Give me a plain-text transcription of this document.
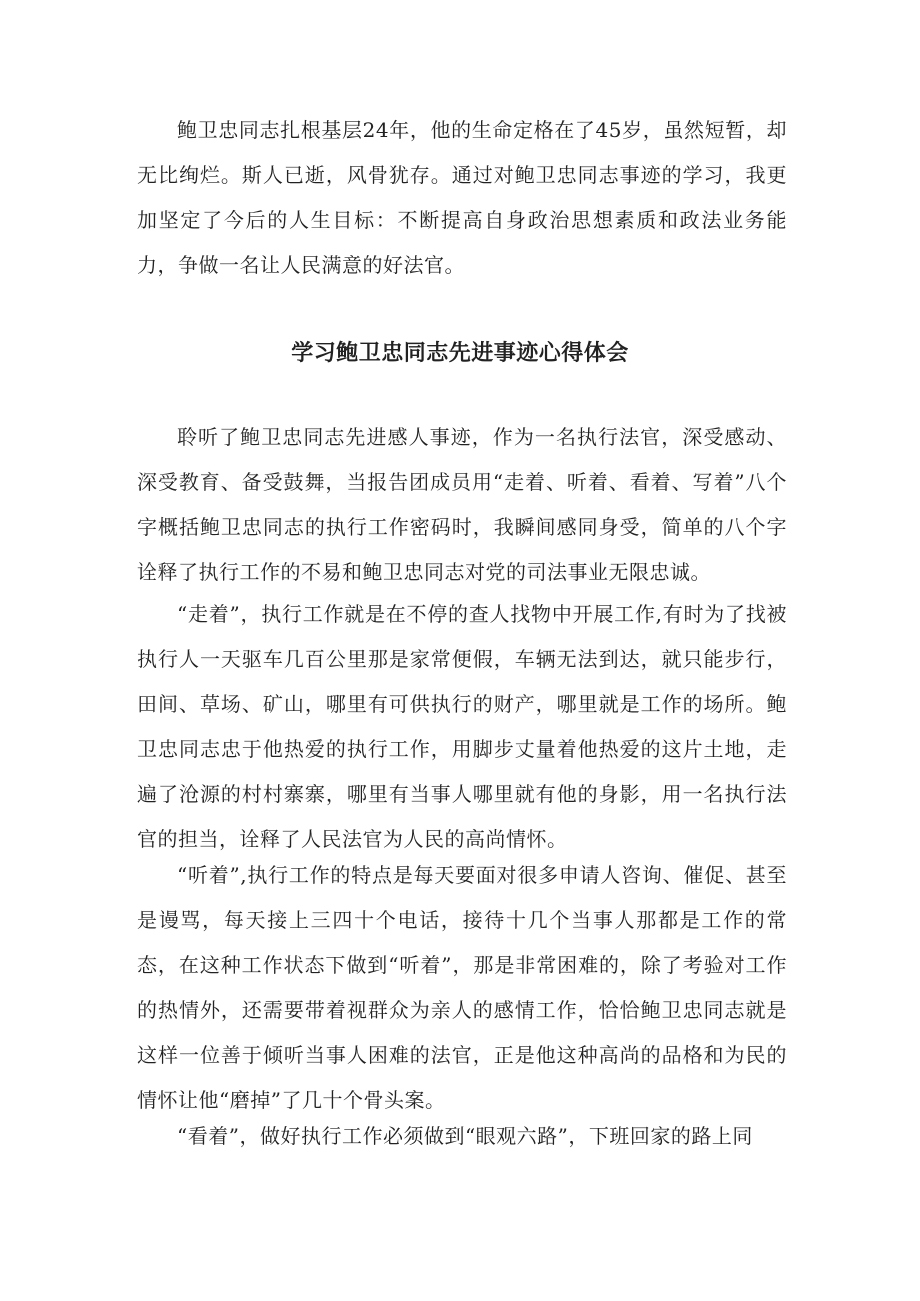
鲍卫忠同志扎根基层24年，他的生命定格在了45岁，虽然短暂，却无比绚烂。斯人已逝，风骨犹存。通过对鲍卫忠同志事迹的学习，我更加坚定了今后的人生目标：不断提高自身政治思想素质和政法业务能力，争做一名让人民满意的好法官。

学习鲍卫忠同志先进事迹心得体会

聆听了鲍卫忠同志先进感人事迹，作为一名执行法官，深受感动、深受教育、备受鼓舞，当报告团成员用“走着、听着、看着、写着”八个字概括鲍卫忠同志的执行工作密码时，我瞬间感同身受，简单的八个字诠释了执行工作的不易和鲍卫忠同志对党的司法事业无限忠诚。

“走着”，执行工作就是在不停的查人找物中开展工作,有时为了找被执行人一天驱车几百公里那是家常便假，车辆无法到达，就只能步行，田间、草场、矿山，哪里有可供执行的财产，哪里就是工作的场所。鲍卫忠同志忠于他热爱的执行工作，用脚步丈量着他热爱的这片土地，走遍了沧源的村村寨寨，哪里有当事人哪里就有他的身影，用一名执行法官的担当，诠释了人民法官为人民的高尚情怀。

“听着”,执行工作的特点是每天要面对很多申请人咨询、催促、甚至是谩骂，每天接上三四十个电话，接待十几个当事人那都是工作的常态，在这种工作状态下做到“听着”，那是非常困难的，除了考验对工作的热情外，还需要带着视群众为亲人的感情工作，恰恰鲍卫忠同志就是这样一位善于倾听当事人困难的法官，正是他这种高尚的品格和为民的情怀让他“磨掉”了几十个骨头案。

“看着”，做好执行工作必须做到“眼观六路”，下班回家的路上同
